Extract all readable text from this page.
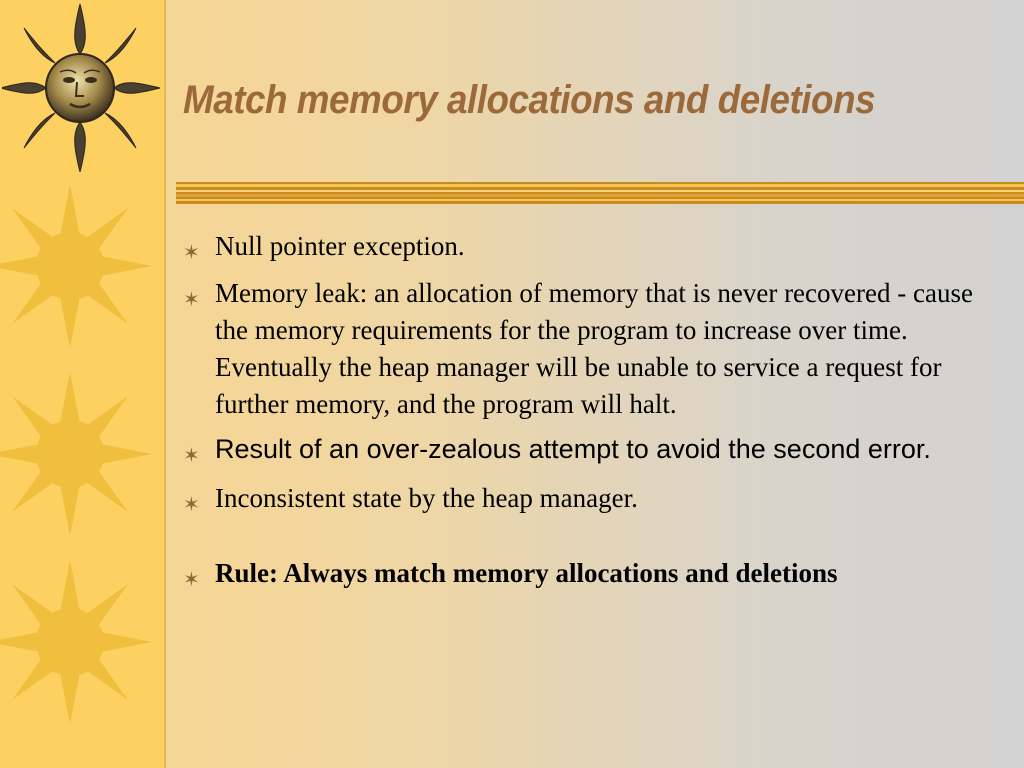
Match memory allocations and deletions
✶ Null pointer exception.
✶ Memory leak: an allocation of memory that is never recovered - cause the memory requirements for the program to increase over time. Eventually the heap manager will be unable to service a request for further memory, and the program will halt.
✶ Result of an over-zealous attempt to avoid the second error.
✶ Inconsistent state by the heap manager.
✶ Rule: Always match memory allocations and deletions
